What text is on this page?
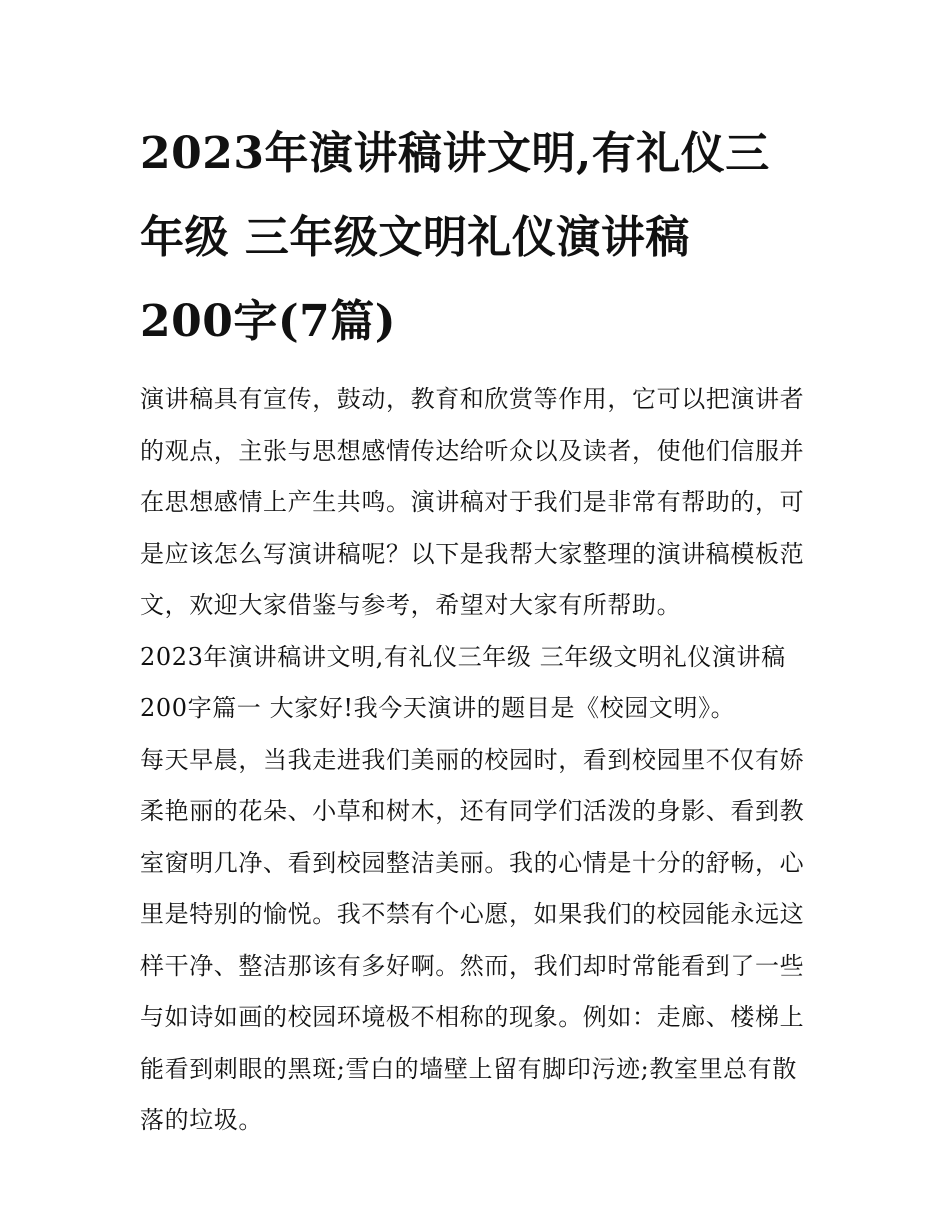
2023年演讲稿讲文明,有礼仪三
年级 三年级文明礼仪演讲稿
200字(7篇)
演讲稿具有宣传，鼓动，教育和欣赏等作用，它可以把演讲者
的观点，主张与思想感情传达给听众以及读者，使他们信服并
在思想感情上产生共鸣。演讲稿对于我们是非常有帮助的，可
是应该怎么写演讲稿呢？以下是我帮大家整理的演讲稿模板范
文，欢迎大家借鉴与参考，希望对大家有所帮助。
2023年演讲稿讲文明,有礼仪三年级 三年级文明礼仪演讲稿
200字篇一 大家好!我今天演讲的题目是《校园文明》。
每天早晨，当我走进我们美丽的校园时，看到校园里不仅有娇
柔艳丽的花朵、小草和树木，还有同学们活泼的身影、看到教
室窗明几净、看到校园整洁美丽。我的心情是十分的舒畅，心
里是特别的愉悦。我不禁有个心愿，如果我们的校园能永远这
样干净、整洁那该有多好啊。然而，我们却时常能看到了一些
与如诗如画的校园环境极不相称的现象。例如：走廊、楼梯上
能看到刺眼的黑斑;雪白的墙壁上留有脚印污迹;教室里总有散
落的垃圾。
